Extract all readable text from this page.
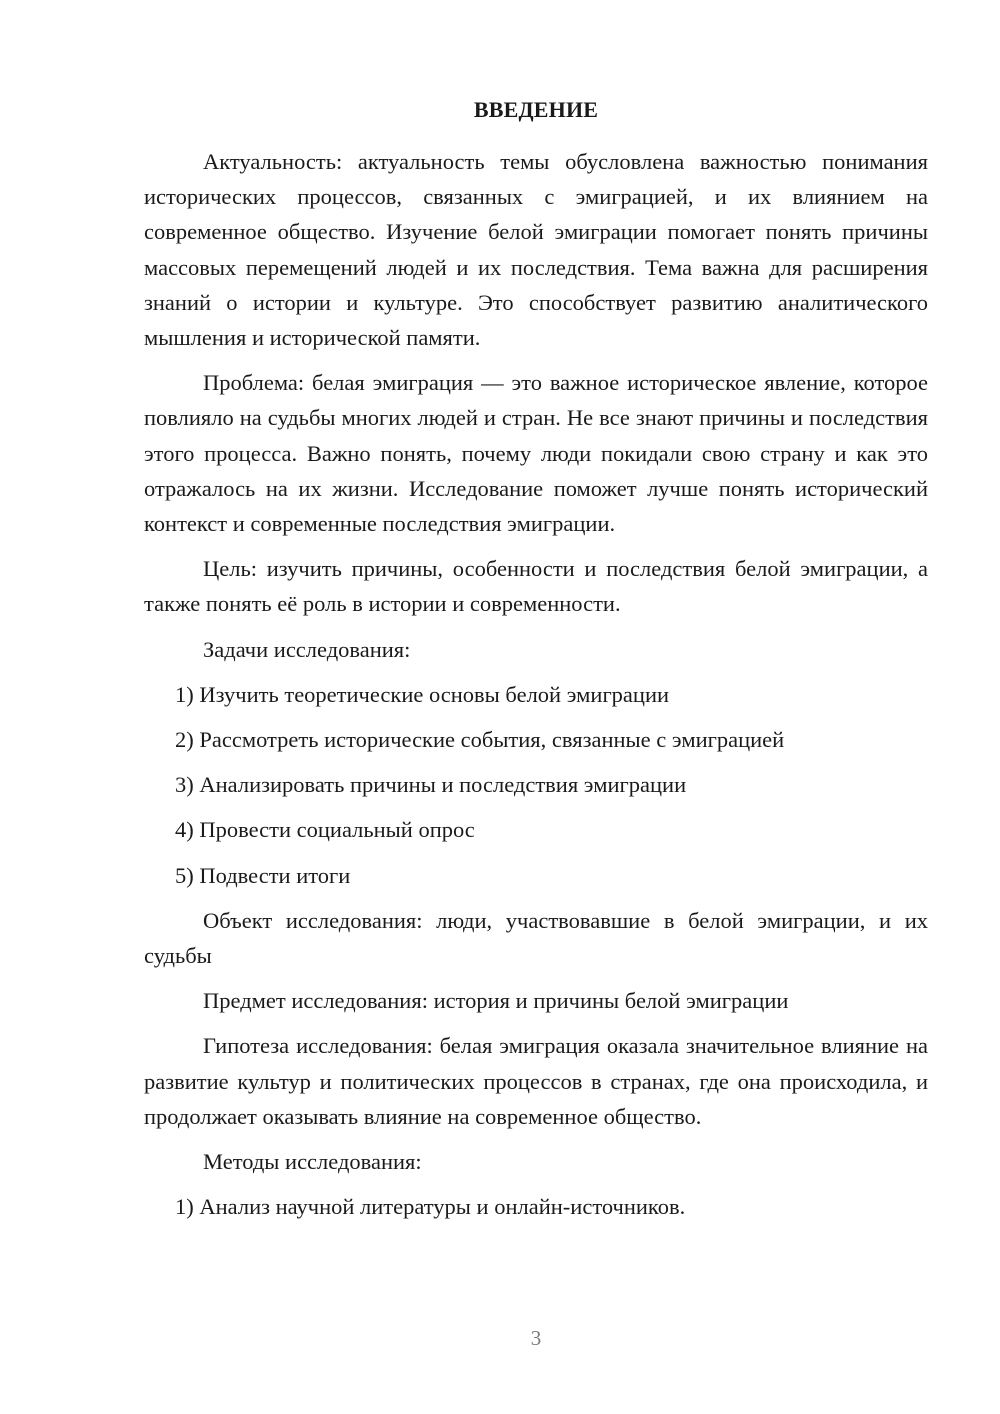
ВВЕДЕНИЕ

Актуальность: актуальность темы обусловлена важностью понимания исторических процессов, связанных с эмиграцией, и их влиянием на современное общество. Изучение белой эмиграции помогает понять причины массовых перемещений людей и их последствия. Тема важна для расширения знаний о истории и культуре. Это способствует развитию аналитического мышления и исторической памяти.

Проблема: белая эмиграция — это важное историческое явление, которое повлияло на судьбы многих людей и стран. Не все знают причины и последствия этого процесса. Важно понять, почему люди покидали свою страну и как это отражалось на их жизни. Исследование поможет лучше понять исторический контекст и современные последствия эмиграции.

Цель: изучить причины, особенности и последствия белой эмиграции, а также понять её роль в истории и современности.

Задачи исследования:

1) Изучить теоретические основы белой эмиграции

2) Рассмотреть исторические события, связанные с эмиграцией

3) Анализировать причины и последствия эмиграции

4) Провести социальный опрос

5) Подвести итоги

Объект исследования: люди, участвовавшие в белой эмиграции, и их судьбы

Предмет исследования: история и причины белой эмиграции

Гипотеза исследования: белая эмиграция оказала значительное влияние на развитие культур и политических процессов в странах, где она происходила, и продолжает оказывать влияние на современное общество.

Методы исследования:

1) Анализ научной литературы и онлайн-источников.

3
